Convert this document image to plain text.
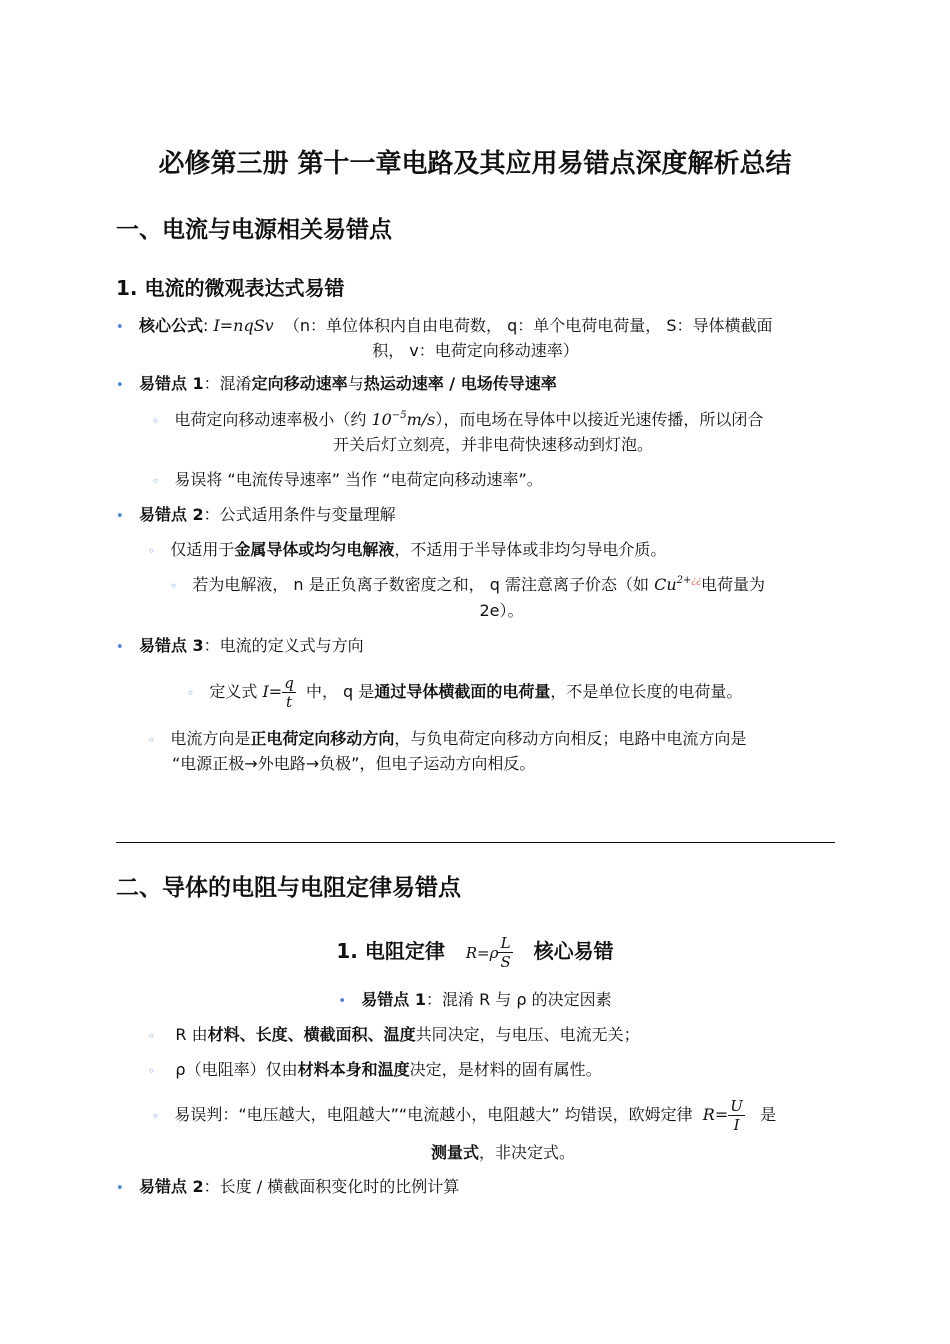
必修第三册 第十一章电路及其应用易错点深度解析总结
一、电流与电源相关易错点
1. 电流的微观表达式易错
• 核心公式: I=nqSv （n：单位体积内自由电荷数， q：单个电荷电荷量， S：导体横截面
积， v：电荷定向移动速率）
• 易错点 1：混淆定向移动速率与热运动速率 / 电场传导速率
◦ 电荷定向移动速率极小（约 $10^{-5}m/s$），而电场在导体中以接近光速传播，所以闭合
开关后灯立刻亮，并非电荷快速移动到灯泡。
◦ 易误将 “电流传导速率” 当作 “电荷定向移动速率”。
• 易错点 2：公式适用条件与变量理解
◦ 仅适用于金属导体或均匀电解液，不适用于半导体或非均匀导电介质。
◦ 若为电解液， n 是正负离子数密度之和， q 需注意离子价态（如 $Cu^{2+¿¿}$电荷量为
2e）。
• 易错点 3：电流的定义式与方向
◦ 定义式 $I= \frac{q}{t}$ 中， q 是通过导体横截面的电荷量，不是单位长度的电荷量。
◦ 电流方向是正电荷定向移动方向，与负电荷定向移动方向相反；电路中电流方向是
“电源正极→外电路→负极”，但电子运动方向相反。
二、导体的电阻与电阻定律易错点
1. 电阻定律 $R=\rho \frac{L}{S}$ 核心易错
• 易错点 1：混淆 R 与 ρ 的决定因素
◦ R 由材料、长度、横截面积、温度共同决定，与电压、电流无关；
◦ ρ（电阻率）仅由材料本身和温度决定，是材料的固有属性。
◦ 易误判：“电压越大，电阻越大”“电流越小，电阻越大” 均错误，欧姆定律 $R= \frac{U}{I}$ 是
测量式，非决定式。
• 易错点 2：长度 / 横截面积变化时的比例计算
